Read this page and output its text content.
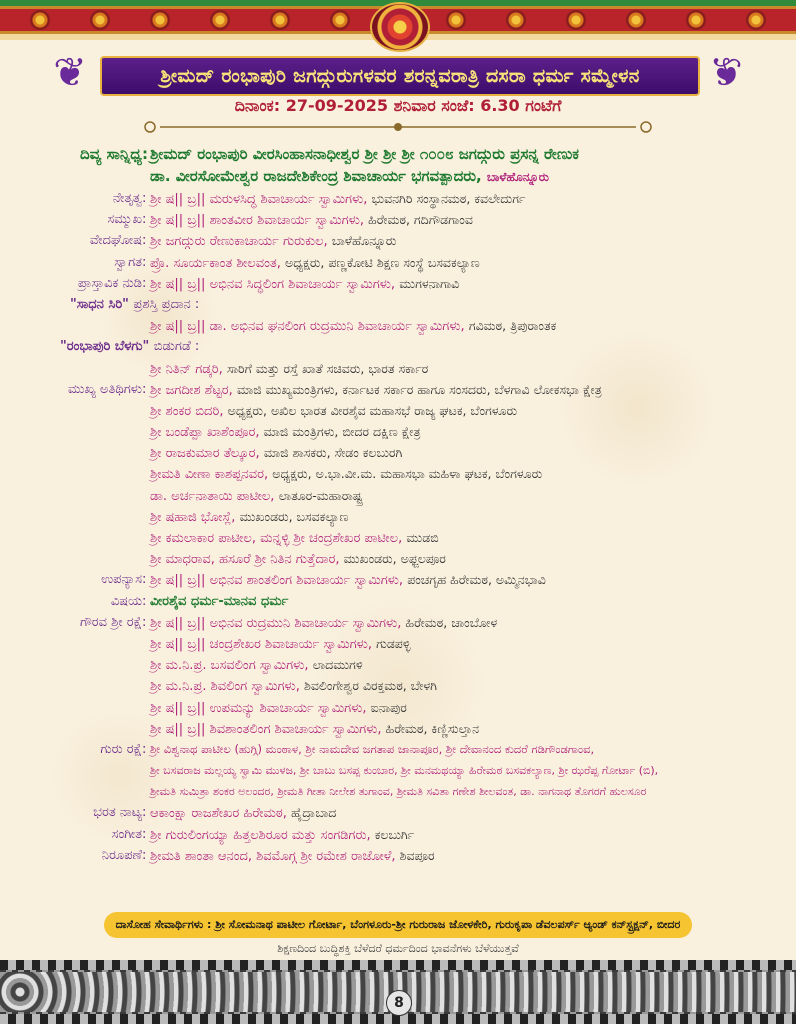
❦	❦
ಶ್ರೀಮದ್ ರಂಭಾಪುರಿ ಜಗದ್ಗುರುಗಳವರ ಶರನ್ನವರಾತ್ರಿ ದಸರಾ ಧರ್ಮ ಸಮ್ಮೇಳನ
ದಿನಾಂಕ: 27-09-2025 ಶನಿವಾರ ಸಂಜೆ: 6.30 ಗಂಟೆಗೆ
ದಿವ್ಯ ಸಾನ್ನಿಧ್ಯ : ಶ್ರೀಮದ್ ರಂಭಾಪುರಿ ವೀರಸಿಂಹಾಸನಾಧೀಶ್ವರ ಶ್ರೀ ಶ್ರೀ ಶ್ರೀ ೧೦೦೮ ಜಗದ್ಗುರು ಪ್ರಸನ್ನ ರೇಣುಕ
ಡಾ. ವೀರಸೋಮೇಶ್ವರ ರಾಜದೇಶಿಕೇಂದ್ರ ಶಿವಾಚಾರ್ಯ ಭಗವತ್ಪಾದರು, ಬಾಳೆಹೊನ್ನೂರು
ನೇತೃತ್ವ : ಶ್ರೀ ಷ|| ಬ್ರ|| ಮರುಳಸಿದ್ಧ ಶಿವಾಚಾರ್ಯ ಸ್ವಾಮಿಗಳು, ಭುವನಗಿರಿ ಸಂಸ್ಥಾನಮಠ, ಕವಲೇದುರ್ಗ
ಸಮ್ಮುಖ : ಶ್ರೀ ಷ|| ಬ್ರ|| ಶಾಂತವೀರ ಶಿವಾಚಾರ್ಯ ಸ್ವಾಮಿಗಳು, ಹಿರೇಮಠ, ಗದಿಗೌಡಗಾಂವ
ವೇದಘೋಷ : ಶ್ರೀ ಜಗದ್ಗುರು ರೇಣುಕಾಚಾರ್ಯ ಗುರುಕುಲ, ಬಾಳೆಹೊನ್ನೂರು
ಸ್ವಾಗತ : ಪ್ರೊ. ಸೂರ್ಯಕಾಂತ ಶೀಲವಂತ, ಅಧ್ಯಕ್ಷರು, ಪಣ್ಣಕೋಟಿ ಶಿಕ್ಷಣ ಸಂಸ್ಥೆ ಬಸವಕಲ್ಯಾಣ
ಪ್ರಾಸ್ತಾವಿಕ ನುಡಿ : ಶ್ರೀ ಷ|| ಬ್ರ|| ಅಭಿನವ ಸಿದ್ಧಲಿಂಗ ಶಿವಾಚಾರ್ಯ ಸ್ವಾಮಿಗಳು, ಮುಗಳನಾಗಾವಿ
"ಸಾಧನ ಸಿರಿ" ಪ್ರಶಸ್ತಿ ಪ್ರದಾನ :
ಶ್ರೀ ಷ|| ಬ್ರ|| ಡಾ. ಅಭಿನವ ಘನಲಿಂಗ ರುದ್ರಮುನಿ ಶಿವಾಚಾರ್ಯ ಸ್ವಾಮಿಗಳು, ಗವಿಮಠ, ತ್ರಿಪುರಾಂತಕ
"ರಂಭಾಪುರಿ ಬೆಳಗು" ಬಿಡುಗಡೆ :
ಶ್ರೀ ನಿತಿನ್ ಗಡ್ಕರಿ, ಸಾರಿಗೆ ಮತ್ತು ರಸ್ತೆ ಖಾತೆ ಸಚಿವರು, ಭಾರತ ಸರ್ಕಾರ
ಮುಖ್ಯ ಅತಿಥಿಗಳು : ಶ್ರೀ ಜಗದೀಶ ಶೆಟ್ಟರ, ಮಾಜಿ ಮುಖ್ಯಮಂತ್ರಿಗಳು, ಕರ್ನಾಟಕ ಸರ್ಕಾರ ಹಾಗೂ ಸಂಸದರು, ಬೆಳಗಾವಿ ಲೋಕಸಭಾ ಕ್ಷೇತ್ರ
ಶ್ರೀ ಶಂಕರ ಬಿದರಿ, ಅಧ್ಯಕ್ಷರು, ಅಖಿಲ ಭಾರತ ವೀರಶೈವ ಮಹಾಸಭೆ ರಾಜ್ಯ ಘಟಕ, ಬೆಂಗಳೂರು
ಶ್ರೀ ಬಂಡೆಪ್ಪಾ ಖಾಶೆಂಪೂರ, ಮಾಜಿ ಮಂತ್ರಿಗಳು, ಬೀದರ ದಕ್ಷಿಣ ಕ್ಷೇತ್ರ
ಶ್ರೀ ರಾಜಕುಮಾರ ತೆಲ್ಕೂರ, ಮಾಜಿ ಶಾಸಕರು, ಸೇಡಂ ಕಲಬುರಗಿ
ಶ್ರೀಮತಿ ವೀಣಾ ಕಾಶಪ್ಪನವರ, ಅಧ್ಯಕ್ಷರು, ಅ.ಭಾ.ವೀ.ಮ. ಮಹಾಸಭಾ ಮಹಿಳಾ ಘಟಕ, ಬೆಂಗಳೂರು
ಡಾ. ಅರ್ಚನಾತಾಯಿ ಪಾಟೀಲ, ಲಾತೂರ-ಮಹಾರಾಷ್ಟ್ರ
ಶ್ರೀ ಷಹಾಜಿ ಭೋಸ್ಲೆ, ಮುಖಂಡರು, ಬಸವಕಲ್ಯಾಣ
ಶ್ರೀ ಕಮಲಾಕಾರ ಪಾಟೀಲ, ಮನ್ನಳ್ಳಿ ಶ್ರೀ ಚಂದ್ರಶೇಖರ ಪಾಟೀಲ, ಮುಡಬಿ
ಶ್ರೀ ಮಾಧರಾವ, ಹಸೂರೆ ಶ್ರೀ ನಿತಿನ ಗುತ್ತೆದಾರ, ಮುಖಂಡರು, ಅಫ್ಜಲಪೂರ
ಉಪನ್ಯಾಸ : ಶ್ರೀ ಷ|| ಬ್ರ|| ಅಭಿನವ ಶಾಂತಲಿಂಗ ಶಿವಾಚಾರ್ಯ ಸ್ವಾಮಿಗಳು, ಪಂಚಗೃಹ ಹಿರೇಮಠ, ಅಮ್ಮಿನಭಾವಿ
ವಿಷಯ : ವೀರಶೈವ ಧರ್ಮ-ಮಾನವ ಧರ್ಮ
ಗೌರವ ಶ್ರೀ ರಕ್ಷೆ : ಶ್ರೀ ಷ|| ಬ್ರ|| ಅಭಿನವ ರುದ್ರಮುನಿ ಶಿವಾಚಾರ್ಯ ಸ್ವಾಮಿಗಳು, ಹಿರೇಮಠ, ಚಾಂಬೋಳ
ಶ್ರೀ ಷ|| ಬ್ರ|| ಚಂದ್ರಶೇಖರ ಶಿವಾಚಾರ್ಯ ಸ್ವಾಮಿಗಳು, ಗುಡಪಳ್ಳಿ
ಶ್ರೀ ಮ.ನಿ.ಪ್ರ. ಬಸವಲಿಂಗ ಸ್ವಾಮಿಗಳು, ಲಾದಮುಗಳಿ
ಶ್ರೀ ಮ.ನಿ.ಪ್ರ. ಶಿವಲಿಂಗ ಸ್ವಾಮಿಗಳು, ಶಿವಲಿಂಗೇಶ್ವರ ವಿರಕ್ತಮಠ, ಬೇಳಗಿ
ಶ್ರೀ ಷ|| ಬ್ರ|| ಉಪಮನ್ಯು ಶಿವಾಚಾರ್ಯ ಸ್ವಾಮಿಗಳು, ಐನಾಪುರ
ಶ್ರೀ ಷ|| ಬ್ರ|| ಶಿವಶಾಂತಲಿಂಗ ಶಿವಾಚಾರ್ಯ ಸ್ವಾಮಿಗಳು, ಹಿರೇಮಠ, ಕಿಣ್ಣಿಸುಲ್ತಾನ
ಗುರು ರಕ್ಷೆ : ಶ್ರೀ ವಿಶ್ವನಾಥ ಪಾಟೀಲ (ಹುಗ್ಗಿ) ಮಂಠಾಳ, ಶ್ರೀ ನಾಮದೇವ ಜಗತಾಪ ಜಾನಾಪೂರ, ಶ್ರೀ ದೇವಾನಂದ ಕುದರೆ ಗಡಿಗೌಂಡಗಾಂವ,
ಶ್ರೀ ಬಸವರಾಜ ಮಲ್ಲಯ್ಯ ಸ್ವಾಮಿ ಮುಳಜ, ಶ್ರೀ ಬಾಬು ಬಸಪ್ಪ ಕುಂಬಾರ, ಶ್ರೀ ಮನಮಥಯ್ಯಾ ಹಿರೇಮಠ ಬಸವಕಲ್ಯಾಣ, ಶ್ರೀ ಝರೆಪ್ಪ ಗೋರ್ಟಾ (ಬಿ),
ಶ್ರೀಮತಿ ಸುಮಿತ್ರಾ ಶಂಕರ ಅಲಂದರ, ಶ್ರೀಮತಿ ಗೀತಾ ನೀಲೇಶ ತುಗಾಂವ, ಶ್ರೀಮತಿ ಸವಿತಾ ಗಣೇಶ ಶೀಲವಂತ, ಡಾ. ನಾಗನಾಥ ತೊಗರಗೆ ಹುಲಸೂರ
ಭರತ ನಾಟ್ಯ : ಆಕಾಂಕ್ಷಾ ರಾಜಶೇಖರ ಹಿರೇಮಠ, ಹೈದ್ರಾಬಾದ
ಸಂಗೀತ : ಶ್ರೀ ಗುರುಲಿಂಗಯ್ಯಾ ಹಿತ್ತಲಶಿರೂರ ಮತ್ತು ಸಂಗಡಿಗರು, ಕಲಬುರ್ಗಿ
ನಿರೂಪಣೆ : ಶ್ರೀಮತಿ ಶಾಂತಾ ಆನಂದ, ಶಿವಮೊಗ್ಗ ಶ್ರೀ ರಮೇಶ ರಾಜೋಳೆ, ಶಿವಪೂರ
ದಾಸೋಹ ಸೇವಾರ್ಥಿಗಳು : ಶ್ರೀ ಸೋಮನಾಥ ಪಾಟೀಲ ಗೋರ್ಟಾ, ಬೆಂಗಳೂರು-ಶ್ರೀ ಗುರುರಾಜ ಜೋಳಕೇರಿ, ಗುರುಕೃಪಾ ಡೆವಲಪರ್ಸ್ ಆ್ಯಂಡ್ ಕನ್‌ಸ್ಟ್ರಕ್ಷನ್, ಬೀದರ
ಶಿಕ್ಷಣದಿಂದ ಬುದ್ಧಿಶಕ್ತಿ ಬೆಳೆದರೆ ಧರ್ಮದಿಂದ ಭಾವನೆಗಳು ಬೆಳೆಯುತ್ತವೆ
8
